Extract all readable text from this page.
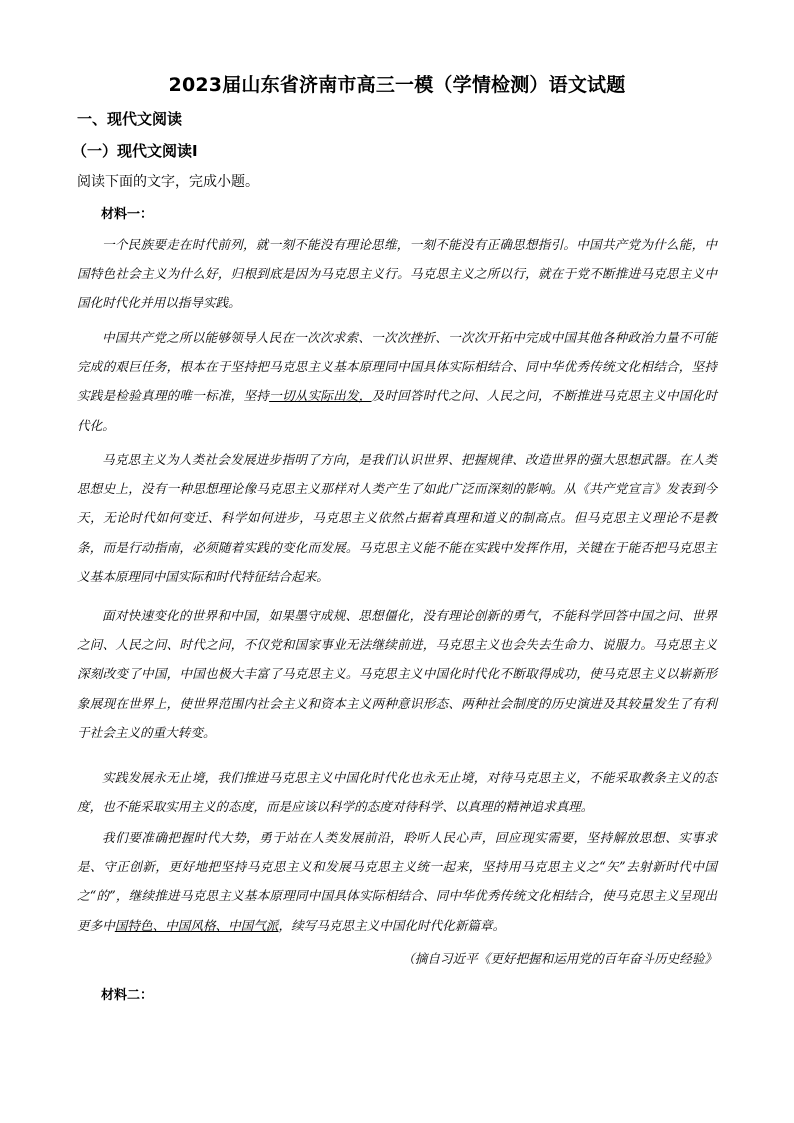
2023届山东省济南市高三一模（学情检测）语文试题
一、现代文阅读
（一）现代文阅读Ⅰ
阅读下面的文字，完成小题。
材料一：

一个民族要走在时代前列，就一刻不能没有理论思维，一刻不能没有正确思想指引。中国共产党为什么能，中国特色社会主义为什么好，归根到底是因为马克思主义行。马克思主义之所以行，就在于党不断推进马克思主义中国化时代化并用以指导实践。

中国共产党之所以能够领导人民在一次次求索、一次次挫折、一次次开拓中完成中国其他各种政治力量不可能完成的艰巨任务，根本在于坚持把马克思主义基本原理同中国具体实际相结合、同中华优秀传统文化相结合，坚持实践是检验真理的唯一标准，坚持一切从实际出发，及时回答时代之问、人民之问，不断推进马克思主义中国化时代化。

马克思主义为人类社会发展进步指明了方向，是我们认识世界、把握规律、改造世界的强大思想武器。在人类思想史上，没有一种思想理论像马克思主义那样对人类产生了如此广泛而深刻的影响。从《共产党宣言》发表到今天，无论时代如何变迁、科学如何进步，马克思主义依然占据着真理和道义的制高点。但马克思主义理论不是教条，而是行动指南，必须随着实践的变化而发展。马克思主义能不能在实践中发挥作用，关键在于能否把马克思主义基本原理同中国实际和时代特征结合起来。

面对快速变化的世界和中国，如果墨守成规、思想僵化，没有理论创新的勇气，不能科学回答中国之问、世界之问、人民之问、时代之问，不仅党和国家事业无法继续前进，马克思主义也会失去生命力、说服力。马克思主义深刻改变了中国，中国也极大丰富了马克思主义。马克思主义中国化时代化不断取得成功，使马克思主义以崭新形象展现在世界上，使世界范围内社会主义和资本主义两种意识形态、两种社会制度的历史演进及其较量发生了有利于社会主义的重大转变。

实践发展永无止境，我们推进马克思主义中国化时代化也永无止境，对待马克思主义，不能采取教条主义的态度，也不能采取实用主义的态度，而是应该以科学的态度对待科学、以真理的精神追求真理。

我们要准确把握时代大势，勇于站在人类发展前沿，聆听人民心声，回应现实需要，坚持解放思想、实事求是、守正创新，更好地把坚持马克思主义和发展马克思主义统一起来，坚持用马克思主义之“矢”去射新时代中国之“的”，继续推进马克思主义基本原理同中国具体实际相结合、同中华优秀传统文化相结合，使马克思主义呈现出更多中国特色、中国风格、中国气派，续写马克思主义中国化时代化新篇章。

（摘自习近平《更好把握和运用党的百年奋斗历史经验》
材料二：
